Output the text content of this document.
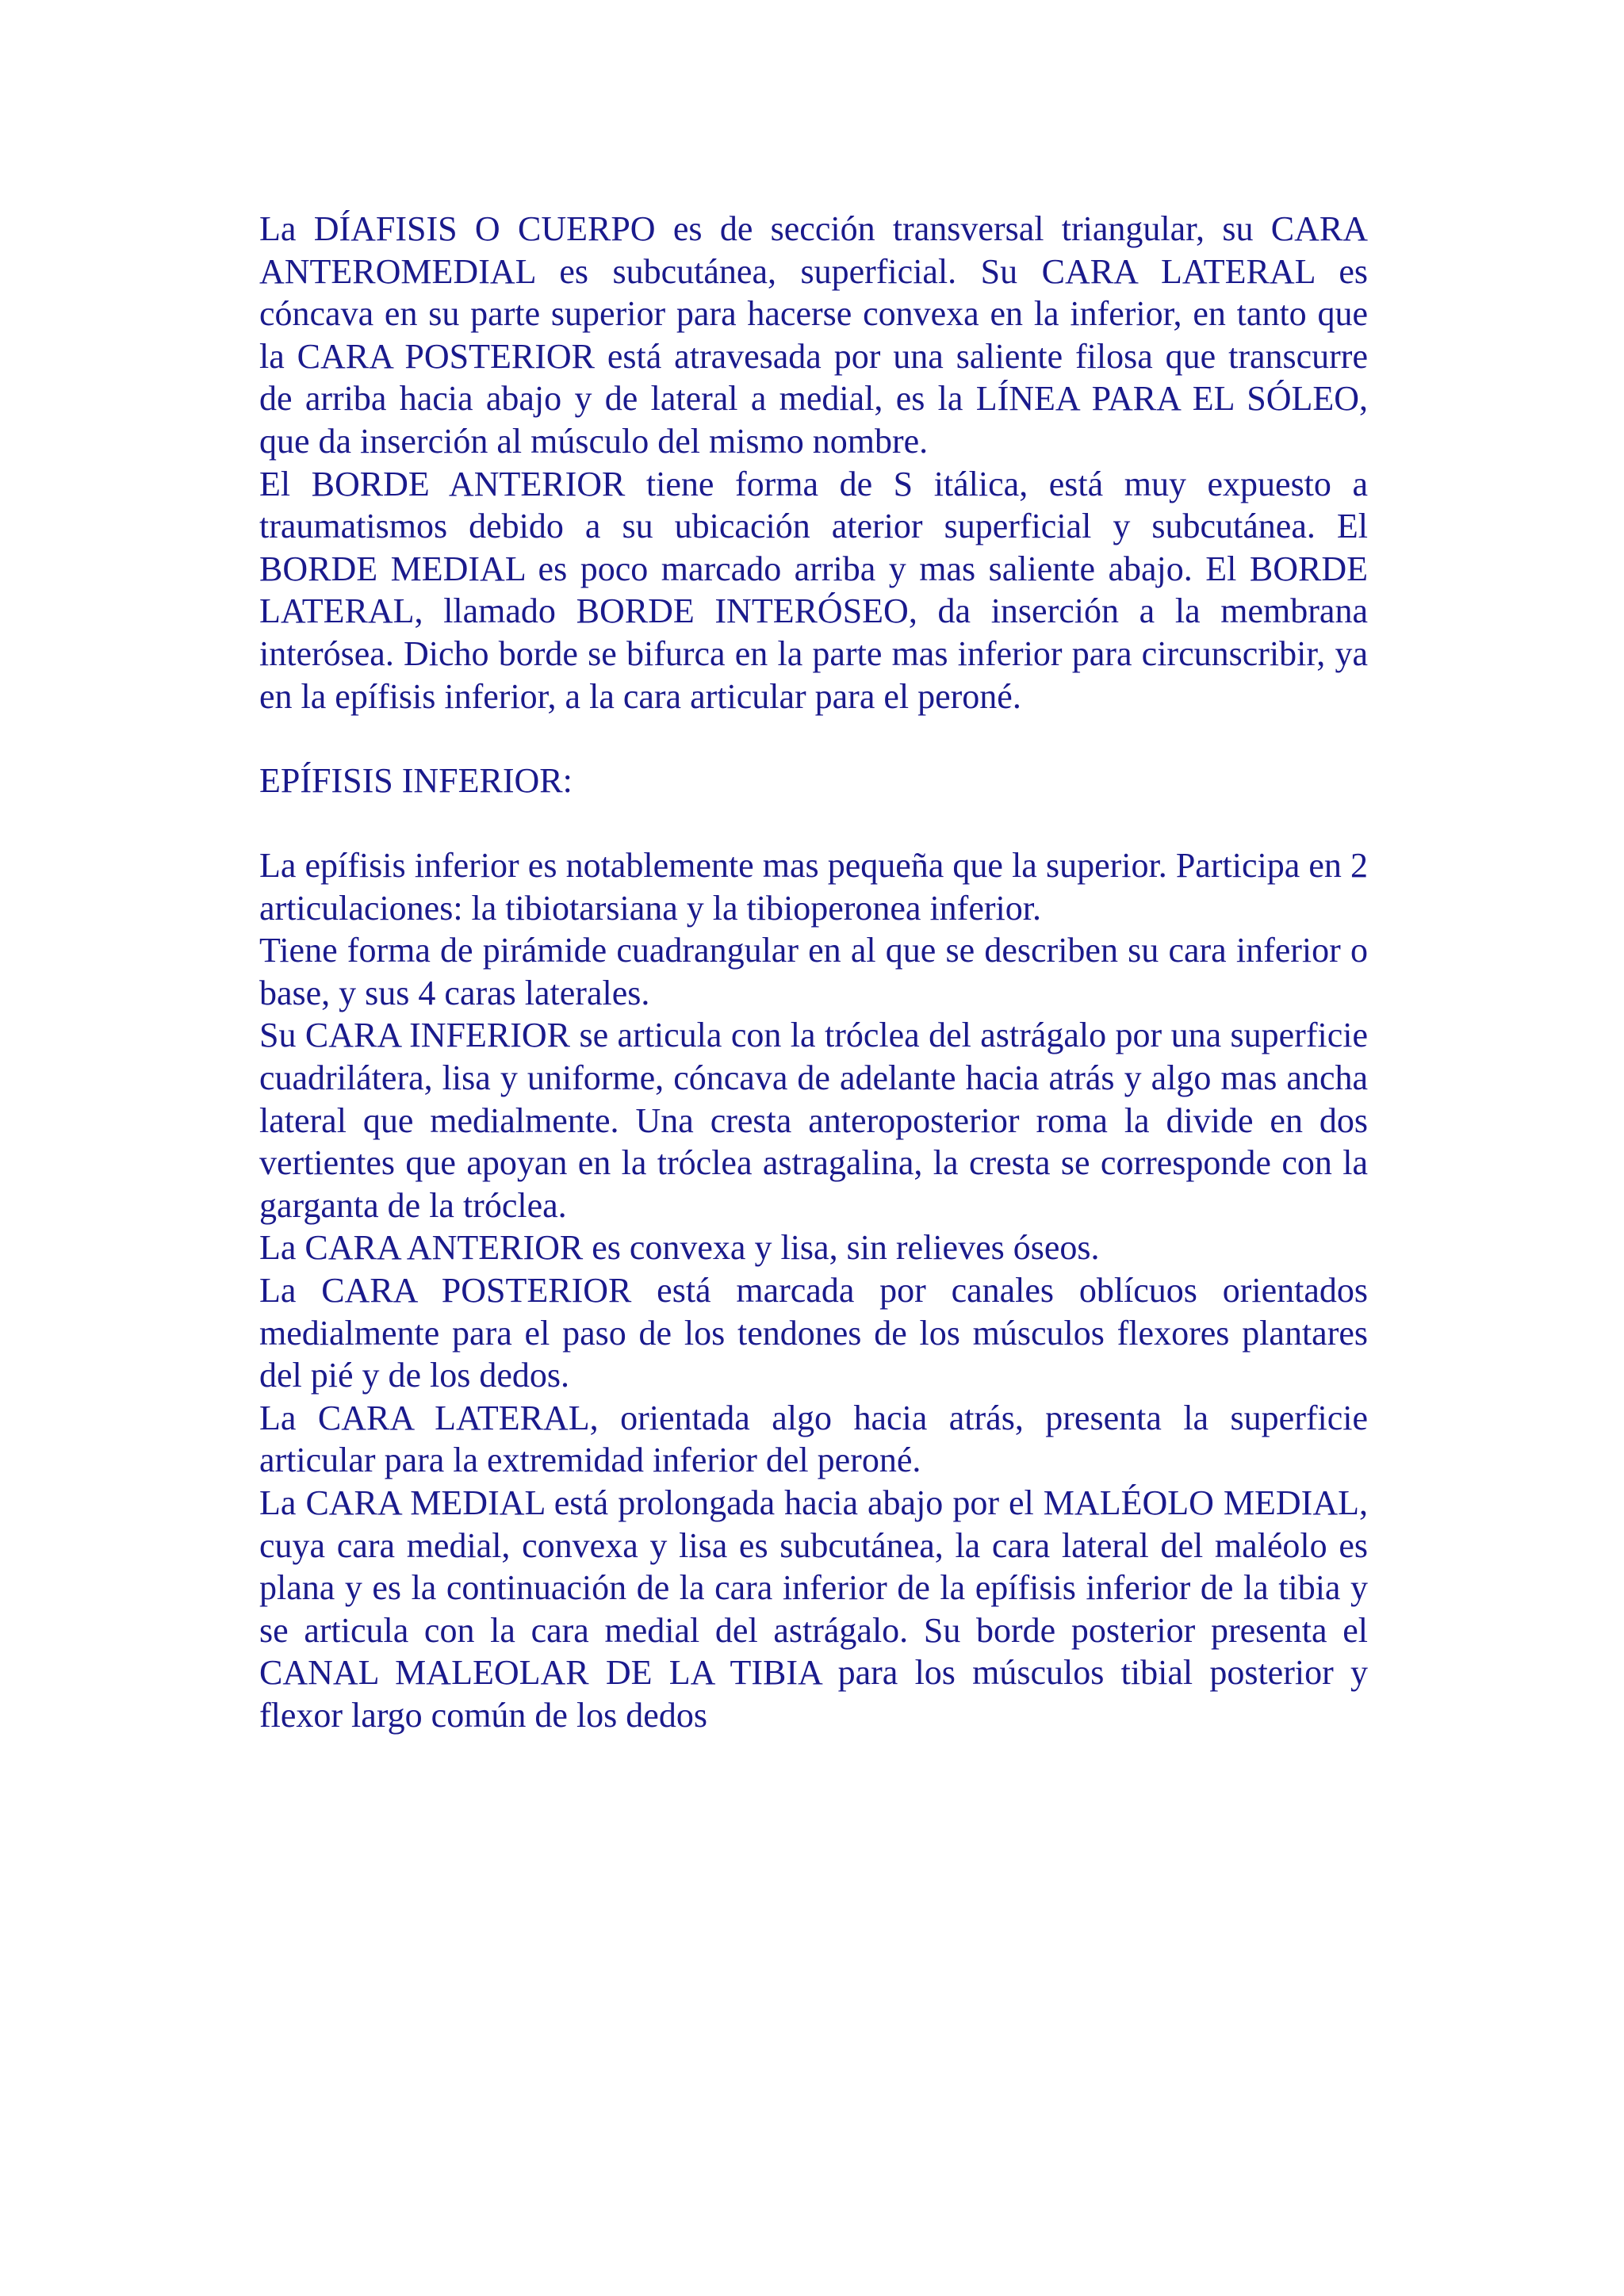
La DÍAFISIS O CUERPO es de sección transversal triangular, su CARA ANTEROMEDIAL es subcutánea, superficial. Su CARA LATERAL es cóncava en su parte superior para hacerse convexa en la inferior, en tanto que la CARA POSTERIOR está atravesada por una saliente filosa que transcurre de arriba hacia abajo y de lateral a medial, es la LÍNEA PARA EL SÓLEO, que da inserción al músculo del mismo nombre.

El BORDE ANTERIOR tiene forma de S itálica, está muy expuesto a traumatismos debido a su ubicación aterior superficial y subcutánea. El BORDE MEDIAL es poco marcado arriba y mas saliente abajo. El BORDE LATERAL, llamado BORDE INTERÓSEO, da inserción a la membrana interósea. Dicho borde se bifurca en la parte mas inferior para circunscribir, ya en la epífisis inferior, a la cara articular para el peroné.

EPÍFISIS INFERIOR:

La epífisis inferior es notablemente mas pequeña que la superior. Participa en 2 articulaciones: la tibiotarsiana y la tibioperonea inferior.

Tiene forma de pirámide cuadrangular en al que se describen su cara inferior o base, y sus 4 caras laterales.

Su CARA INFERIOR se articula con la tróclea del astrágalo por una superficie cuadrilátera, lisa y uniforme, cóncava de adelante hacia atrás y algo mas ancha lateral que medialmente. Una cresta anteroposterior roma la divide en dos vertientes que apoyan en la tróclea astragalina, la cresta se corresponde con la garganta de la tróclea.

La CARA ANTERIOR es convexa y lisa, sin relieves óseos.

La CARA POSTERIOR está marcada por canales oblícuos orientados medialmente para el paso de los tendones de los músculos flexores plantares del pié y de los dedos.

La CARA LATERAL, orientada algo hacia atrás, presenta la superficie articular para la extremidad inferior del peroné.

La CARA MEDIAL está prolongada hacia abajo por el MALÉOLO MEDIAL, cuya cara medial, convexa y lisa es subcutánea, la cara lateral del maléolo es plana y es la continuación de la cara inferior de la epífisis inferior de la tibia y se articula con la cara medial del astrágalo. Su borde posterior presenta el CANAL MALEOLAR DE LA TIBIA para los músculos tibial posterior y flexor largo común de los dedos
